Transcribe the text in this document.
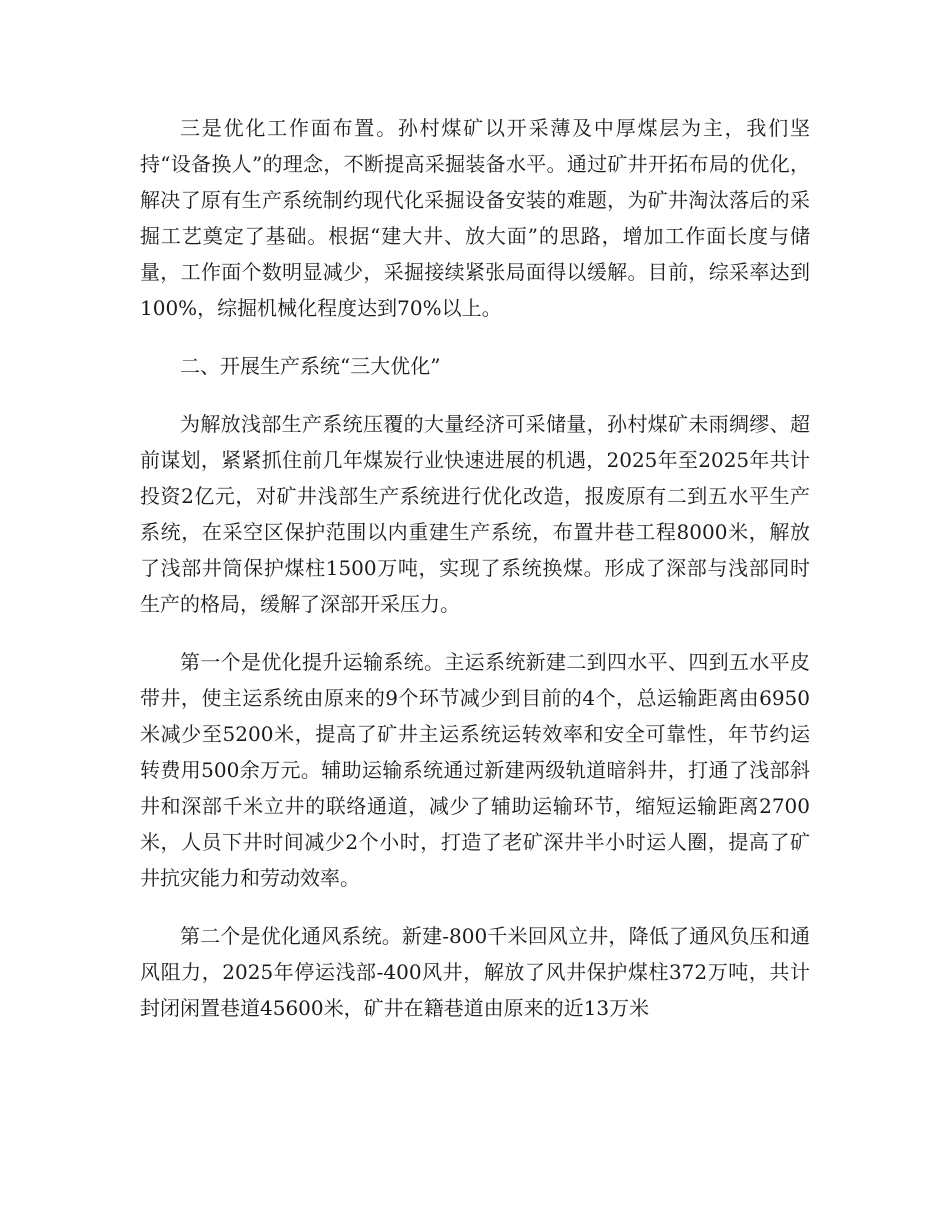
三是优化工作面布置。孙村煤矿以开采薄及中厚煤层为主，我们坚持“设备换人”的理念，不断提高采掘装备水平。通过矿井开拓布局的优化，解决了原有生产系统制约现代化采掘设备安装的难题，为矿井淘汰落后的采掘工艺奠定了基础。根据“建大井、放大面”的思路，增加工作面长度与储量，工作面个数明显减少，采掘接续紧张局面得以缓解。目前，综采率达到100%，综掘机械化程度达到70%以上。

二、开展生产系统“三大优化”

为解放浅部生产系统压覆的大量经济可采储量，孙村煤矿未雨绸缪、超前谋划，紧紧抓住前几年煤炭行业快速进展的机遇，2025年至2025年共计投资2亿元，对矿井浅部生产系统进行优化改造，报废原有二到五水平生产系统，在采空区保护范围以内重建生产系统，布置井巷工程8000米，解放了浅部井筒保护煤柱1500万吨，实现了系统换煤。形成了深部与浅部同时生产的格局，缓解了深部开采压力。

第一个是优化提升运输系统。主运系统新建二到四水平、四到五水平皮带井，使主运系统由原来的9个环节减少到目前的4个，总运输距离由6950 米减少至5200米，提高了矿井主运系统运转效率和安全可靠性，年节约运转费用500余万元。辅助运输系统通过新建两级轨道暗斜井，打通了浅部斜井和深部千米立井的联络通道，减少了辅助运输环节，缩短运输距离2700米，人员下井时间减少2个小时，打造了老矿深井半小时运人圈，提高了矿井抗灾能力和劳动效率。

第二个是优化通风系统。新建-800千米回风立井，降低了通风负压和通风阻力，2025年停运浅部-400风井，解放了风井保护煤柱372万吨，共计封闭闲置巷道45600米，矿井在籍巷道由原来的近13万米
